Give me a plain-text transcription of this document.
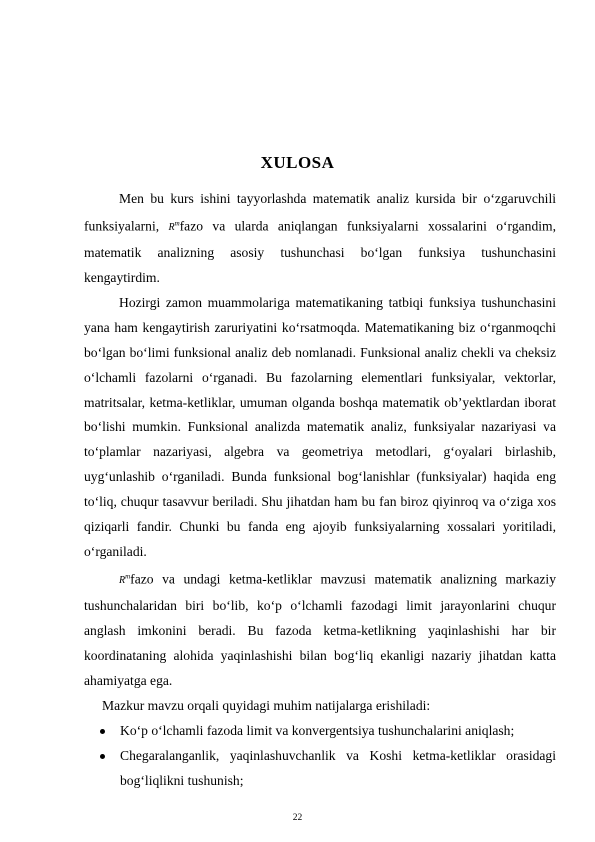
XULOSA

Men bu kurs ishini tayyorlashda matematik analiz kursida bir o‘zgaruvchili funksiyalarni, $R^mfazo$ va ularda aniqlangan funksiyalarni xossalarini o‘rgandim, matematik analizning asosiy tushunchasi bo‘lgan funksiya tushunchasini kengaytirdim.

Hozirgi zamon muammolariga matematikaning tatbiqi funksiya tushunchasini yana ham kengaytirish zaruriyatini ko‘rsatmoqda. Matematikaning biz o‘rganmoqchi bo‘lgan bo‘limi funksional analiz deb nomlanadi. Funksional analiz chekli va cheksiz o‘lchamli fazolarni o‘rganadi. Bu fazolarning elementlari funksiyalar, vektorlar, matritsalar, ketma-ketliklar, umuman olganda boshqa matematik ob’yektlardan iborat bo‘lishi mumkin. Funksional analizda matematik analiz, funksiyalar nazariyasi va to‘plamlar nazariyasi, algebra va geometriya metodlari, g‘oyalari birlashib, uyg‘unlashib o‘rganiladi. Bunda funksional bog‘lanishlar (funksiyalar) haqida eng to‘liq, chuqur tasavvur beriladi. Shu jihatdan ham bu fan biroz qiyinroq va o‘ziga xos qiziqarli fandir. Chunki bu fanda eng ajoyib funksiyalarning xossalari yoritiladi, o‘rganiladi.

$R^mfazo$ va undagi ketma-ketliklar mavzusi matematik analizning markaziy tushunchalaridan biri bo‘lib, ko‘p o‘lchamli fazodagi limit jarayonlarini chuqur anglash imkonini beradi. Bu fazoda ketma-ketlikning yaqinlashishi har bir koordinataning alohida yaqinlashishi bilan bog‘liq ekanligi nazariy jihatdan katta ahamiyatga ega.

Mazkur mavzu orqali quyidagi muhim natijalarga erishiladi:

Ko‘p o‘lchamli fazoda limit va konvergentsiya tushunchalarini aniqlash;
Chegaralanganlik, yaqinlashuvchanlik va Koshi ketma-ketliklar orasidagi bog‘liqlikni tushunish;
22
